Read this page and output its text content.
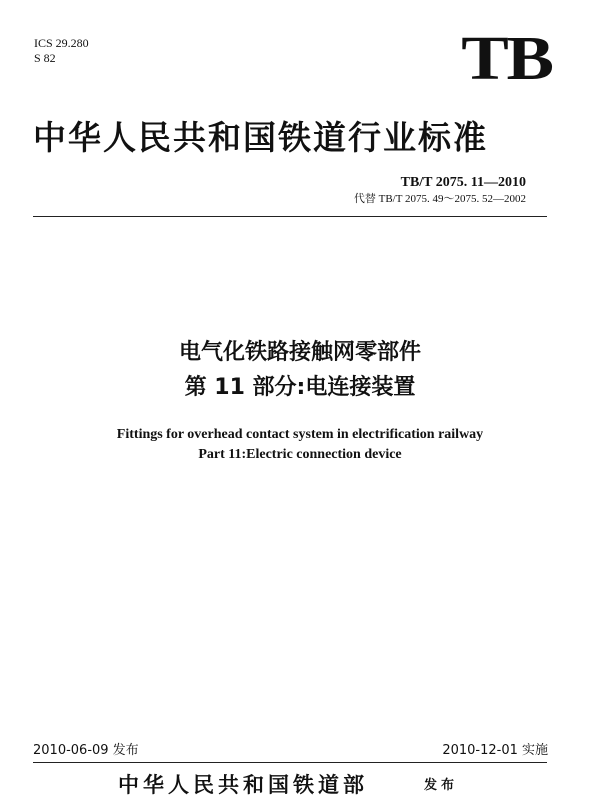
ICS 29.280
S 82	TB
中华人民共和国铁道行业标准
TB/T 2075. 11—2010
代替 TB/T 2075. 49～2075. 52—2002
电气化铁路接触网零部件
第 11 部分:电连接装置
Fittings for overhead contact system in electrification railway
Part 11:Electric connection device
2010-06-09 发布	2010-12-01 实施
中华人民共和国铁道部	发布
